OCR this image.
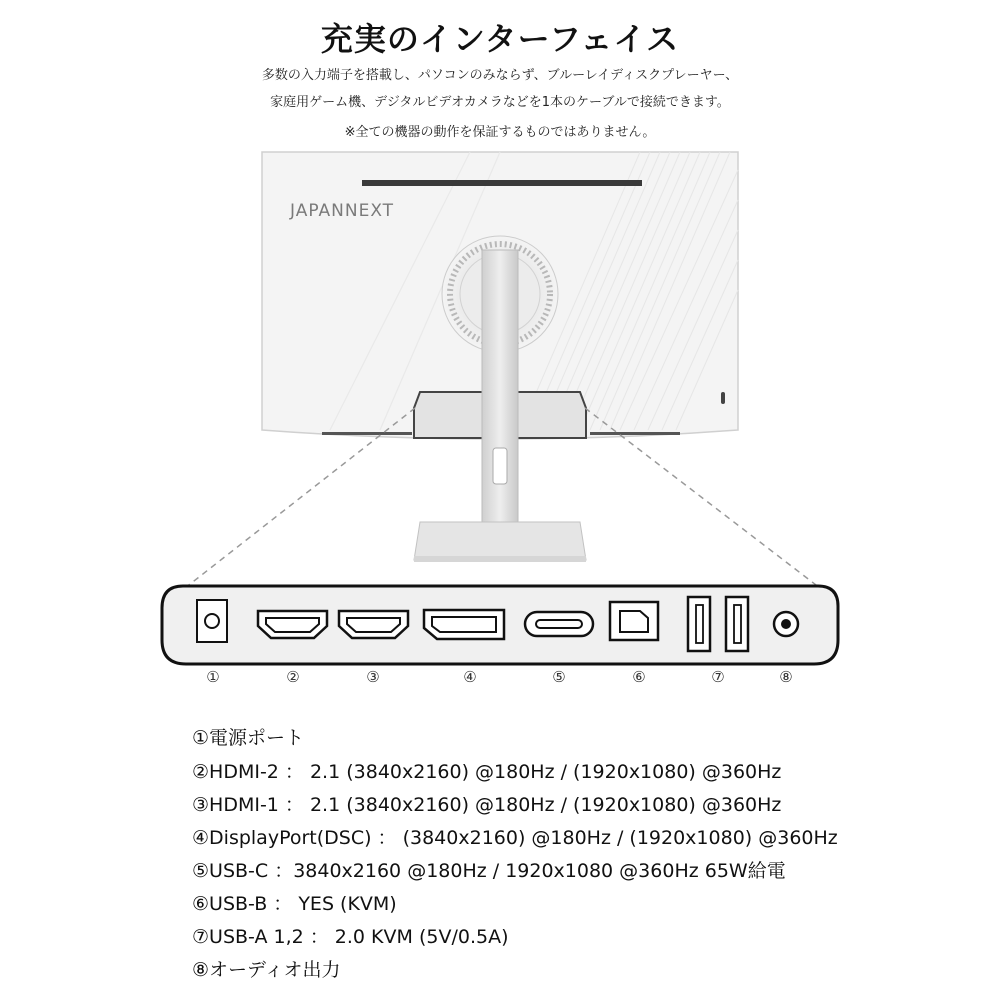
充実のインターフェイス
多数の入力端子を搭載し、パソコンのみならず、ブルーレイディスクプレーヤー、
家庭用ゲーム機、デジタルビデオカメラなどを1本のケーブルで接続できます。
※全ての機器の動作を保証するものではありません。
JAPANNEXT
①	②	③	④	⑤	⑥	⑦	⑧
①電源ポート
②HDMI-2 ： 2.1 (3840x2160) @180Hz / (1920x1080) @360Hz
③HDMI-1 ： 2.1 (3840x2160) @180Hz / (1920x1080) @360Hz
④DisplayPort(DSC) ： (3840x2160) @180Hz / (1920x1080) @360Hz
⑤USB-C ：3840x2160 @180Hz / 1920x1080 @360Hz 65W給電
⑥USB-B ： YES (KVM)
⑦USB-A 1,2 ： 2.0 KVM (5V/0.5A)
⑧オーディオ出力
